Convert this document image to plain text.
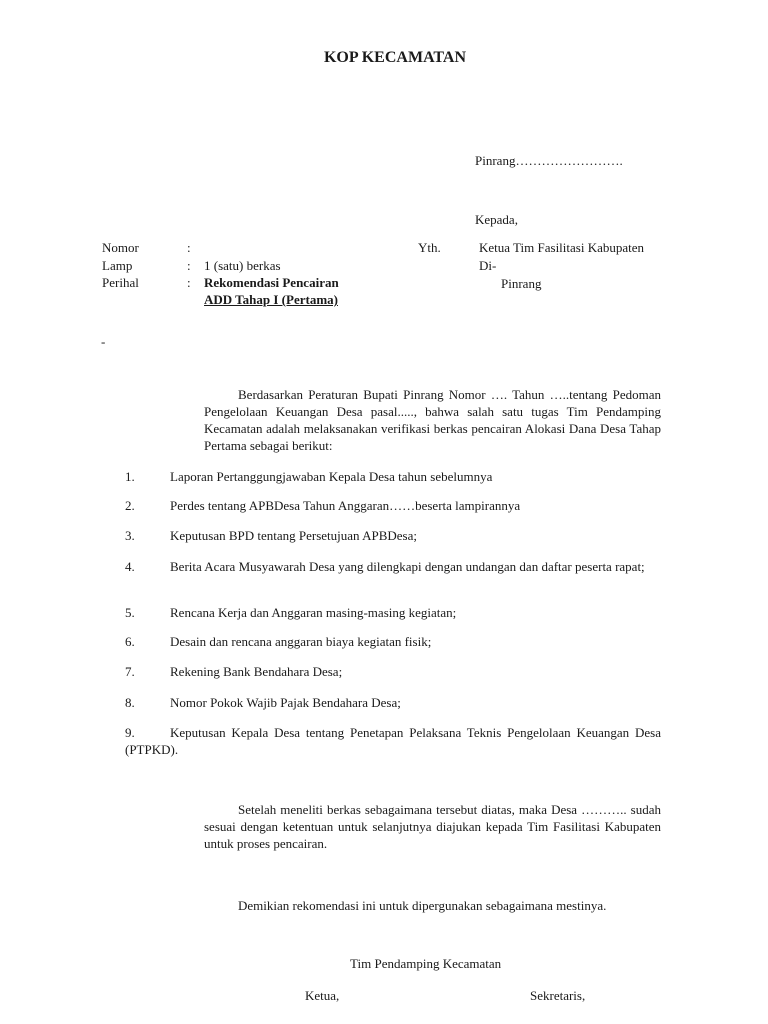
KOP KECAMATAN
Pinrang…………………….
Kepada,
Nomor	:	Yth.	Ketua Tim Fasilitasi Kabupaten
Lamp	: 1 (satu) berkas	Di-
Perihal	: Rekomendasi Pencairan	Pinrang
ADD Tahap I (Pertama)
-
Berdasarkan Peraturan Bupati Pinrang Nomor …. Tahun …..tentang Pedoman Pengelolaan Keuangan Desa pasal....., bahwa salah satu tugas Tim Pendamping Kecamatan adalah melaksanakan verifikasi berkas pencairan Alokasi Dana Desa Tahap Pertama sebagai berikut:
1.	Laporan Pertanggungjawaban Kepala Desa tahun sebelumnya
2.	Perdes tentang APBDesa Tahun Anggaran……beserta lampirannya
3.	Keputusan BPD tentang Persetujuan APBDesa;
4.	Berita Acara Musyawarah Desa yang dilengkapi dengan undangan dan daftar peserta rapat;
5.	Rencana Kerja dan Anggaran masing-masing kegiatan;
6.	Desain dan rencana anggaran biaya kegiatan fisik;
7.	Rekening Bank Bendahara Desa;
8.	Nomor Pokok Wajib Pajak Bendahara Desa;
9.	Keputusan Kepala Desa tentang Penetapan Pelaksana Teknis Pengelolaan Keuangan Desa (PTPKD).
Setelah meneliti berkas sebagaimana tersebut diatas, maka Desa ……….. sudah sesuai dengan ketentuan untuk selanjutnya diajukan kepada Tim Fasilitasi Kabupaten untuk proses pencairan.
Demikian rekomendasi ini untuk dipergunakan sebagaimana mestinya.
Tim Pendamping Kecamatan
Ketua,	Sekretaris,
